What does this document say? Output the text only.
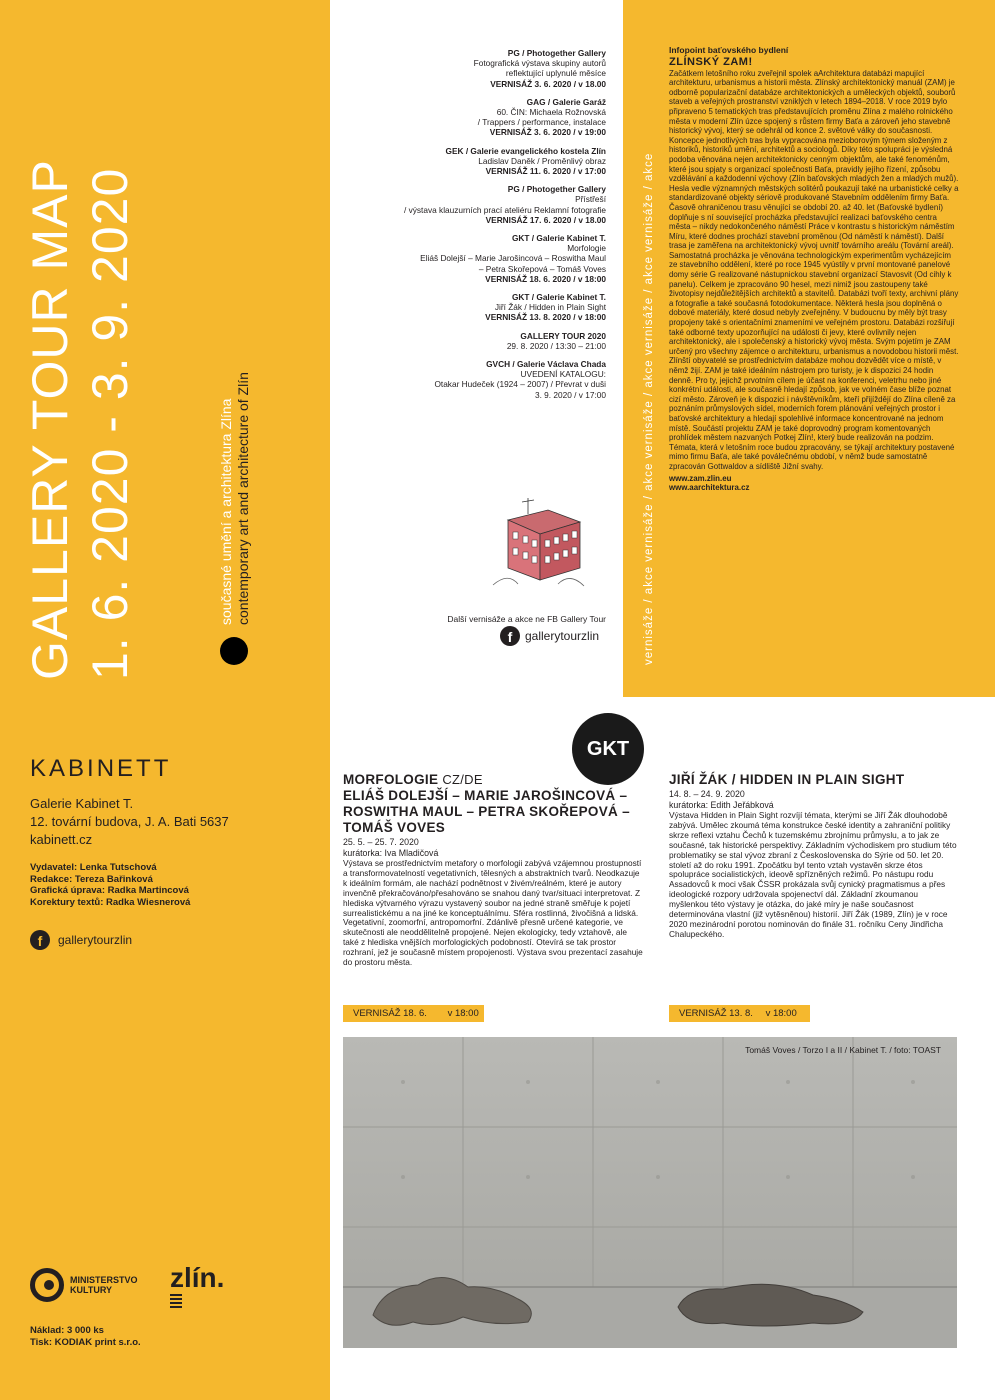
GALLERY TOUR MAP 1. 6. 2020 - 3. 9. 2020	současné umění a architektura Zlína contemporary art and architecture of Zlín
KABINETT
Galerie Kabinet T.
12. tovární budova, J. A. Bati 5637
kabinett.cz
Vydavatel: Lenka Tutschová
Redakce: Tereza Bařinková
Grafická úprava: Radka Martincová
Korektury textů: Radka Wiesnerová
f	gallerytourzlin
MINISTERSTVO
KULTURY	zlín.
Náklad: 3 000 ks
Tisk: KODIAK print s.r.o.
PG / Photogether Gallery
Fotografická výstava skupiny autorů
reflektující uplynulé měsíce
VERNISÁŽ 3. 6. 2020 / v 18.00
GAG / Galerie Garáž
60. ČIN: Michaela Rožnovská
/ Trappers / performance, instalace
VERNISÁŽ 3. 6. 2020 / v 19:00
GEK / Galerie evangelického kostela Zlín
Ladislav Daněk / Proměnlivý obraz
VERNISÁŽ 11. 6. 2020 / v 17:00
PG / Photogether Gallery
Přístřeší
/ výstava klauzurních prací ateliéru Reklamní fotografie
VERNISÁŽ 17. 6. 2020 / v 18.00
GKT / Galerie Kabinet T.
Morfologie
Eliáš Dolejší – Marie Jarošincová – Roswitha Maul
– Petra Skořepová – Tomáš Voves
VERNISÁŽ 18. 6. 2020 / v 18:00
GKT / Galerie Kabinet T.
Jiří Žák / Hidden in Plain Sight
VERNISÁŽ 13. 8. 2020 / v 18:00
GALLERY TOUR 2020
29. 8. 2020 / 13:30 – 21:00
GVCH / Galerie Václava Chada
UVEDENÍ KATALOGU:
Otakar Hudeček (1924 – 2007) / Převrat v duši
3. 9. 2020 / v 17:00
Další vernisáže a akce ne FB Gallery Tour
f	gallerytourzlin	vernisáže / akce vernisáže / akce vernisáže / akce vernisáže / akce vernisáže / akce
Infopoint baťovského bydlení
ZLÍNSKÝ ZAM!
Začátkem letošního roku zveřejnil spolek aArchitektura databázi mapující architekturu, urbanismus a historii města. Zlínský architektonický manuál (ZAM) je odborně popularizační databáze architektonických a uměleckých objektů, souborů staveb a veřejných prostranství vzniklých v letech 1894–2018. V roce 2019 bylo připraveno 5 tematických tras představujících proměnu Zlína z malého rolnického města v moderní Zlín úzce spojený s růstem firmy Baťa a zároveň jeho stavebně historický vývoj, který se odehrál od konce 2. světové války do současnosti. Koncepce jednotlivých tras byla vypracována mezioborovým týmem složeným z historiků, historiků umění, architektů a sociologů. Díky této spolupráci je výsledná podoba věnována nejen architektonicky cenným objektům, ale také fenoménům, které jsou spjaty s organizací společnosti Baťa, pravidly jejího řízení, způsobu vzdělávání a každodenní výchovy (Zlín baťovských mladých žen a mladých mužů). Hesla vedle významných městských solitérů poukazují také na urbanistické celky a standardizované objekty sériově produkované Stavebním oddělením firmy Baťa. Časově ohraničenou trasu věnující se období 20. až 40. let (Baťovské bydlení) doplňuje s ní související procházka představující realizaci baťovského centra města – nikdy nedokončeného náměstí Práce v kontrastu s historickým náměstím Míru, které dodnes prochází stavební proměnou (Od náměstí k náměstí). Další trasa je zaměřena na architektonický vývoj uvnitř továrního areálu (Tovární areál). Samostatná procházka je věnována technologickým experimentům vycházejícím ze stavebního oddělení, které po roce 1945 vyústily v první montované panelové domy série G realizované nástupnickou stavební organizací Stavosvit (Od cihly k panelu). Celkem je zpracováno 90 hesel, mezi nimiž jsou zastoupeny také životopisy nejdůležitějších architektů a stavitelů. Databázi tvoří texty, archivní plány a fotografie a také současná fotodokumentace. Některá hesla jsou doplněná o dobové materiály, které dosud nebyly zveřejněny. V budoucnu by měly být trasy propojeny také s orientačními znameními ve veřejném prostoru. Databázi rozšiřují také odborné texty upozorňující na události či jevy, které ovlivnily nejen architektonický, ale i společenský a historický vývoj města. Svým pojetím je ZAM určený pro všechny zájemce o architekturu, urbanismus a novodobou historii měst. Zlínští obyvatelé se prostřednictvím databáze mohou dozvědět více o místě, v němž žijí. ZAM je také ideálním nástrojem pro turisty, je k dispozici 24 hodin denně. Pro ty, jejichž prvotním cílem je účast na konferenci, veletrhu nebo jiné konkrétní události, ale současně hledají způsob, jak ve volném čase blíže poznat cizí město. Zároveň je k dispozici i návštěvníkům, kteří přijíždějí do Zlína cíleně za poznáním průmyslových sídel, moderních forem plánování veřejných prostor i baťovské architektury a hledají spolehlivé informace koncentrované na jednom místě. Součástí projektu ZAM je také doprovodný program komentovaných prohlídek městem nazvaných Potkej Zlín!, který bude realizován na podzim. Témata, která v letošním roce budou zpracovány, se týkají architektury postavené mimo firmu Baťa, ale také poválečnému období, v němž bude samostatně zpracován Gottwaldov a sídliště Jižní svahy.
www.zam.zlin.eu
www.aarchitektura.cz
GKT
MORFOLOGIE CZ/DE
ELIÁŠ DOLEJŠÍ – MARIE JAROŠINCOVÁ – ROSWITHA MAUL – PETRA SKOŘEPOVÁ – TOMÁŠ VOVES
25. 5. – 25. 7. 2020
kurátorka: Iva Mladičová
Výstava se prostřednictvím metafory o morfologii zabývá vzájemnou prostupností a transformovatelností vegetativních, tělesných a abstraktních tvarů. Neodkazuje k ideálním formám, ale nachází podnětnost v živém/reálném, které je autory invenčně překračováno/přesahováno se snahou daný tvar/situaci interpretovat. Z hlediska výtvarného výrazu vystavený soubor na jedné straně směřuje k pojetí surrealistickému a na jiné ke konceptuálnímu. Sféra rostlinná, živočišná a lidská. Vegetativní, zoomorfní, antropomorfní. Zdánlivě přesně určené kategorie, ve skutečnosti ale neoddělitelně propojené. Nejen ekologicky, tedy vztahově, ale také z hlediska vnějších morfologických podobností. Otevírá se tak prostor rozhraní, jež je současně místem propojenosti. Výstava svou prezentací zasahuje do prostoru města.
VERNISÁŽ 18. 6. v 18:00
JIŘÍ ŽÁK / HIDDEN IN PLAIN SIGHT
14. 8. – 24. 9. 2020
kurátorka: Edith Jeřábková
Výstava Hidden in Plain Sight rozvíjí témata, kterými se Jiří Žák dlouhodobě zabývá. Umělec zkoumá téma konstrukce české identity a zahraniční politiky skrze reflexi vztahu Čechů k tuzemskému zbrojnímu průmyslu, a to jak ze současné, tak historické perspektivy. Základním východiskem pro studium této problematiky se stal vývoz zbraní z Československa do Sýrie od 50. let 20. století až do roku 1991. Zpočátku byl tento vztah vystavěn skrze étos spolupráce socialistických, ideově spřízněných režimů. Po nástupu rodu Assadovců k moci však ČSSR prokázala svůj cynický pragmatismus a přes ideologické rozpory udržovala spojenectví dál. Základní zkoumanou myšlenkou této výstavy je otázka, do jaké míry je naše současnost determinována vlastní (již vytěsněnou) historií. Jiří Žák (1989, Zlín) je v roce 2020 mezinárodní porotou nominován do finále 31. ročníku Ceny Jindřicha Chalupeckého.
VERNISÁŽ 13. 8. v 18:00
Tomáš Voves / Torzo I a II / Kabinet T. / foto: TOAST
